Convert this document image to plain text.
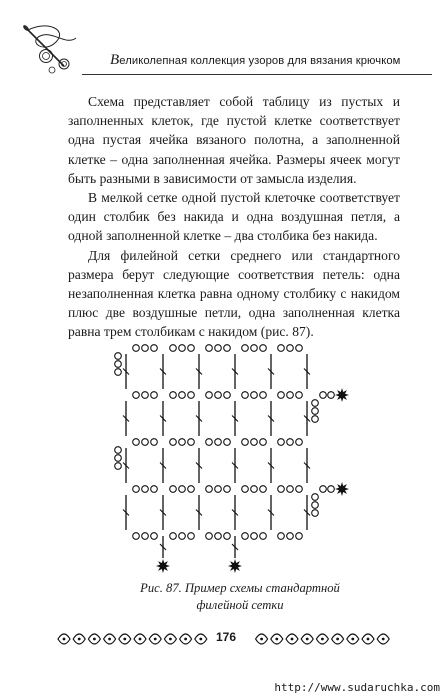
Великолепная коллекция узоров для вязания крючком

Схема представляет собой таблицу из пустых и заполненных клеток, где пустой клетке соответствует одна пустая ячейка вязаного полотна, а заполненной клетке – одна заполненная ячейка. Размеры ячеек могут быть разными в зависимости от замысла изделия.

В мелкой сетке одной пустой клеточке соответствует один столбик без накида и одна воздушная петля, а одной заполненной клетке – два столбика без накида.

Для филейной сетки среднего или стандартного размера берут следующие соответствия петель: одна незаполненная клетка равна одному столбику с накидом плюс две воздушные петли, одна заполненная клетка равна трем столбикам с накидом (рис. 87).

Рис. 87. Пример схемы стандартной
филейной сетки
176
http://www.sudaruchka.com
